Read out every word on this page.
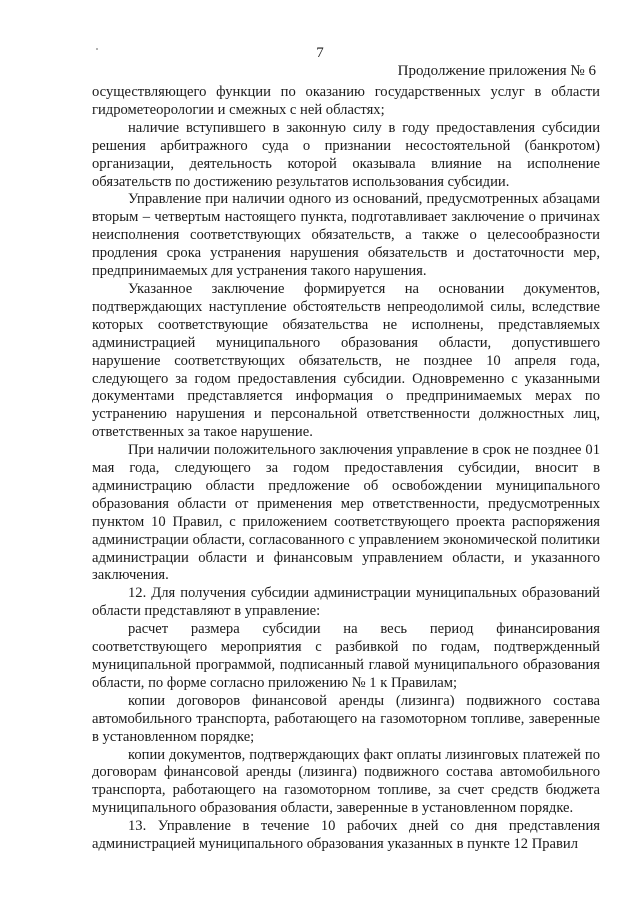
7
Продолжение приложения № 6

осуществляющего функции по оказанию государственных услуг в области гидрометеорологии и смежных с ней областях;

наличие вступившего в законную силу в году предоставления субсидии решения арбитражного суда о признании несостоятельной (банкротом) организации, деятельность которой оказывала влияние на исполнение обязательств по достижению результатов использования субсидии.

Управление при наличии одного из оснований, предусмотренных абзацами вторым – четвертым настоящего пункта, подготавливает заключение о причинах неисполнения соответствующих обязательств, а также о целесообразности продления срока устранения нарушения обязательств и достаточности мер, предпринимаемых для устранения такого нарушения.

Указанное заключение формируется на основании документов, подтверждающих наступление обстоятельств непреодолимой силы, вследствие которых соответствующие обязательства не исполнены, представляемых администрацией муниципального образования области, допустившего нарушение соответствующих обязательств, не позднее 10 апреля года, следующего за годом предоставления субсидии. Одновременно с указанными документами представляется информация о предпринимаемых мерах по устранению нарушения и персональной ответственности должностных лиц, ответственных за такое нарушение.

При наличии положительного заключения управление в срок не позднее 01 мая года, следующего за годом предоставления субсидии, вносит в администрацию области предложение об освобождении муниципального образования области от применения мер ответственности, предусмотренных пунктом 10 Правил, с приложением соответствующего проекта распоряжения администрации области, согласованного с управлением экономической политики администрации области и финансовым управлением области, и указанного заключения.

12. Для получения субсидии администрации муниципальных образований области представляют в управление:

расчет размера субсидии на весь период финансирования соответствующего мероприятия с разбивкой по годам, подтвержденный муниципальной программой, подписанный главой муниципального образования области, по форме согласно приложению № 1 к Правилам;

копии договоров финансовой аренды (лизинга) подвижного состава автомобильного транспорта, работающего на газомоторном топливе, заверенные в установленном порядке;

копии документов, подтверждающих факт оплаты лизинговых платежей по договорам финансовой аренды (лизинга) подвижного состава автомобильного транспорта, работающего на газомоторном топливе, за счет средств бюджета муниципального образования области, заверенные в установленном порядке.

13. Управление в течение 10 рабочих дней со дня представления администрацией муниципального образования указанных в пункте 12 Правил
